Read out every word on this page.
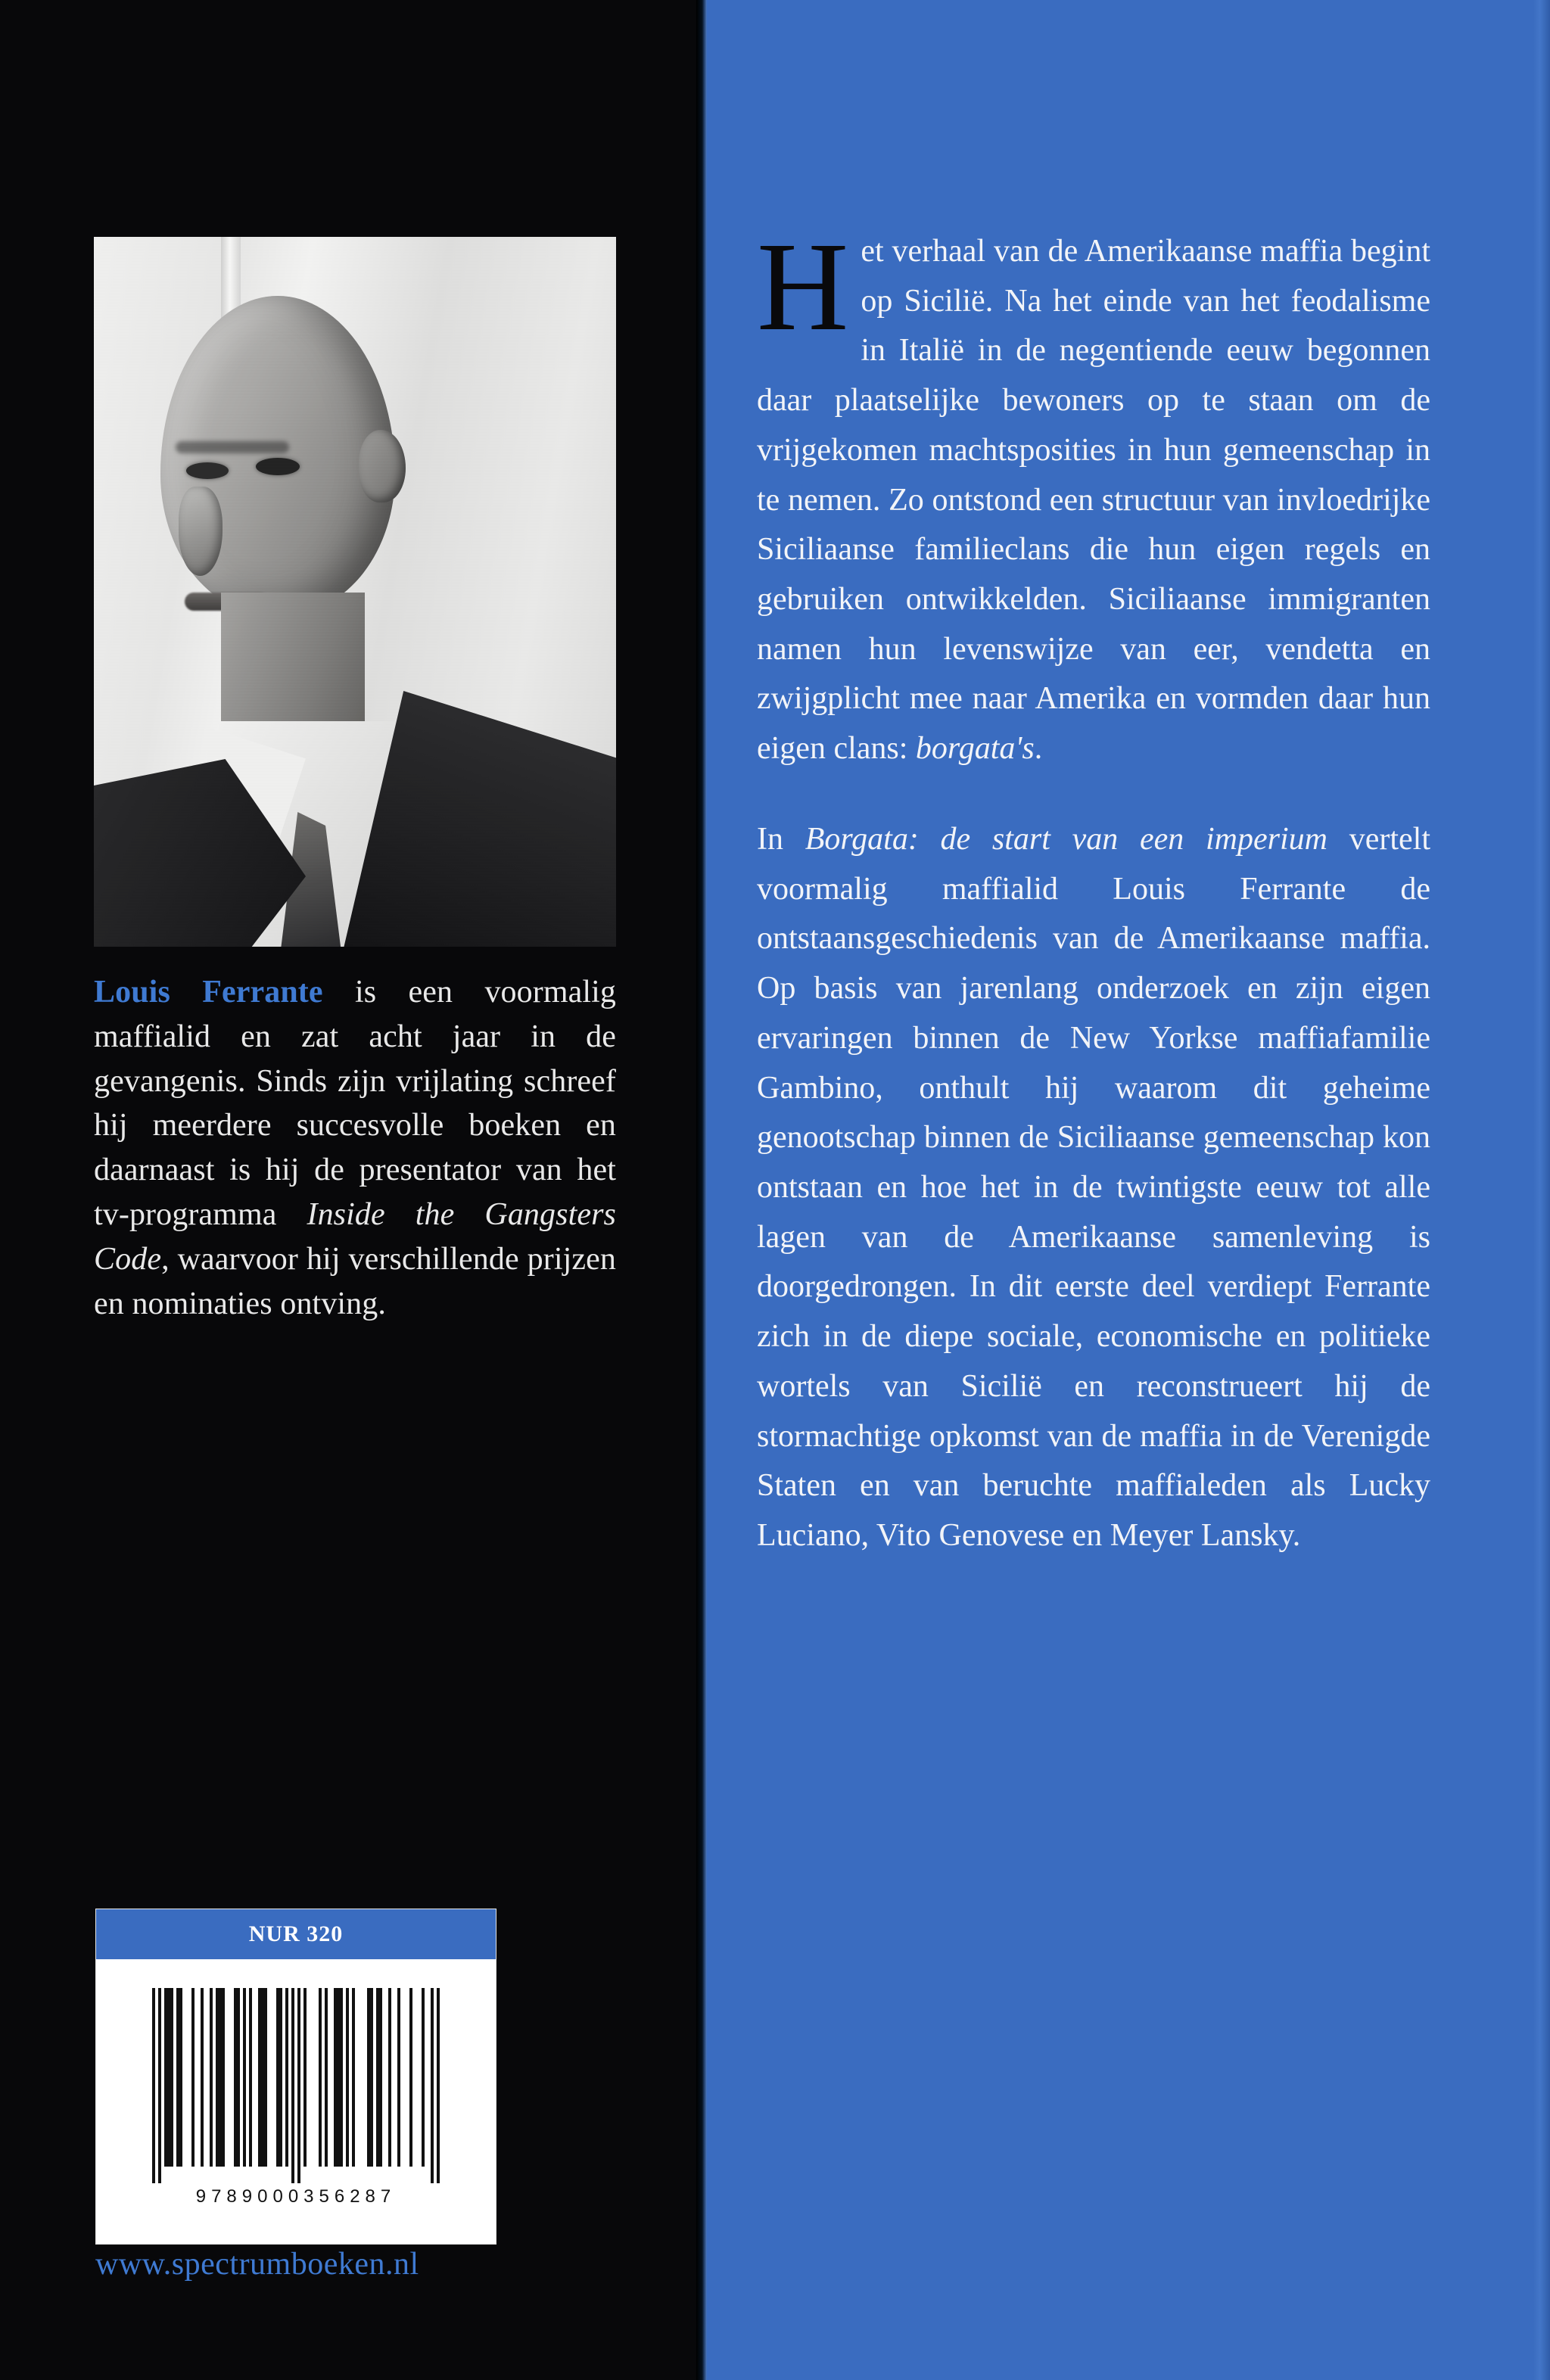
Louis Ferrante is een voormalig maffialid en zat acht jaar in de gevangenis. Sinds zijn vrijlating schreef hij meerdere succesvolle boeken en daarnaast is hij de presentator van het tv-programma Inside the Gangsters Code, waarvoor hij verschillende prijzen en nominaties ontving.
NUR 320
9789000356287
www.spectrumboeken.nl

Het verhaal van de Amerikaanse maffia begint op Sicilië. Na het einde van het feodalisme in Italië in de negentiende eeuw begonnen daar plaatselijke bewoners op te staan om de vrijgekomen machtsposities in hun gemeenschap in te nemen. Zo ontstond een structuur van invloedrijke Siciliaanse familieclans die hun eigen regels en gebruiken ontwikkelden. Siciliaanse immigranten namen hun levenswijze van eer, vendetta en zwijgplicht mee naar Amerika en vormden daar hun eigen clans: borgata's.

In Borgata: de start van een imperium vertelt voormalig maffialid Louis Ferrante de ontstaansgeschiedenis van de Amerikaanse maffia. Op basis van jarenlang onderzoek en zijn eigen ervaringen binnen de New Yorkse maffiafamilie Gambino, onthult hij waarom dit geheime genootschap binnen de Siciliaanse gemeenschap kon ontstaan en hoe het in de twintigste eeuw tot alle lagen van de Amerikaanse samenleving is doorgedrongen. In dit eerste deel verdiept Ferrante zich in de diepe sociale, economische en politieke wortels van Sicilië en reconstrueert hij de stormachtige opkomst van de maffia in de Verenigde Staten en van beruchte maffialeden als Lucky Luciano, Vito Genovese en Meyer Lansky.
